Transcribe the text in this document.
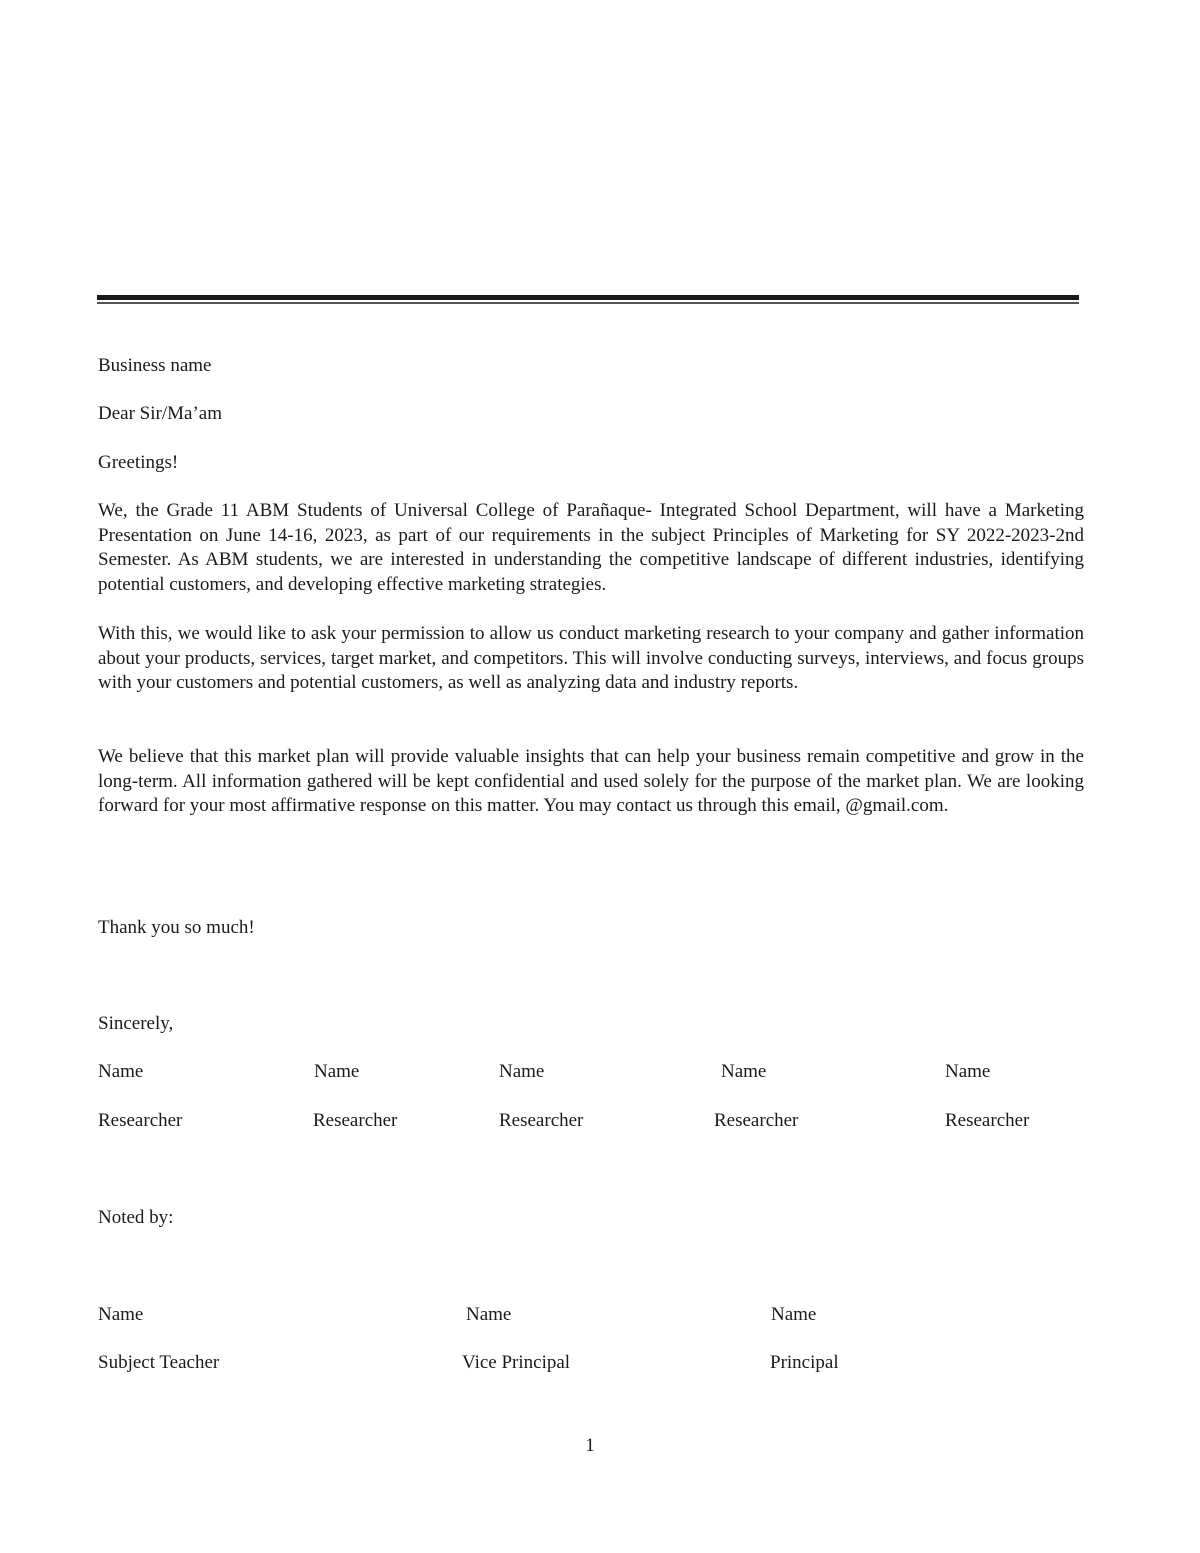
Business name
Dear Sir/Ma’am
Greetings!
We, the Grade 11 ABM Students of Universal College of Parañaque- Integrated School Department, will have a Marketing Presentation on June 14-16, 2023, as part of our requirements in the subject Principles of Marketing for SY 2022-2023-2nd Semester. As ABM students, we are interested in understanding the competitive landscape of different industries, identifying potential customers, and developing effective marketing strategies.
With this, we would like to ask your permission to allow us conduct marketing research to your company and gather information about your products, services, target market, and competitors. This will involve conducting surveys, interviews, and focus groups with your customers and potential customers, as well as analyzing data and industry reports.
We believe that this market plan will provide valuable insights that can help your business remain competitive and grow in the long-term. All information gathered will be kept confidential and used solely for the purpose of the market plan. We are looking forward for your most affirmative response on this matter. You may contact us through this email, @gmail.com.
Thank you so much!
Sincerely,
Name
Researcher
Name
Researcher
Name
Researcher
Name
Researcher
Name
Researcher
Noted by:
Name
Subject Teacher
Name
Vice Principal
Name
Principal
1
